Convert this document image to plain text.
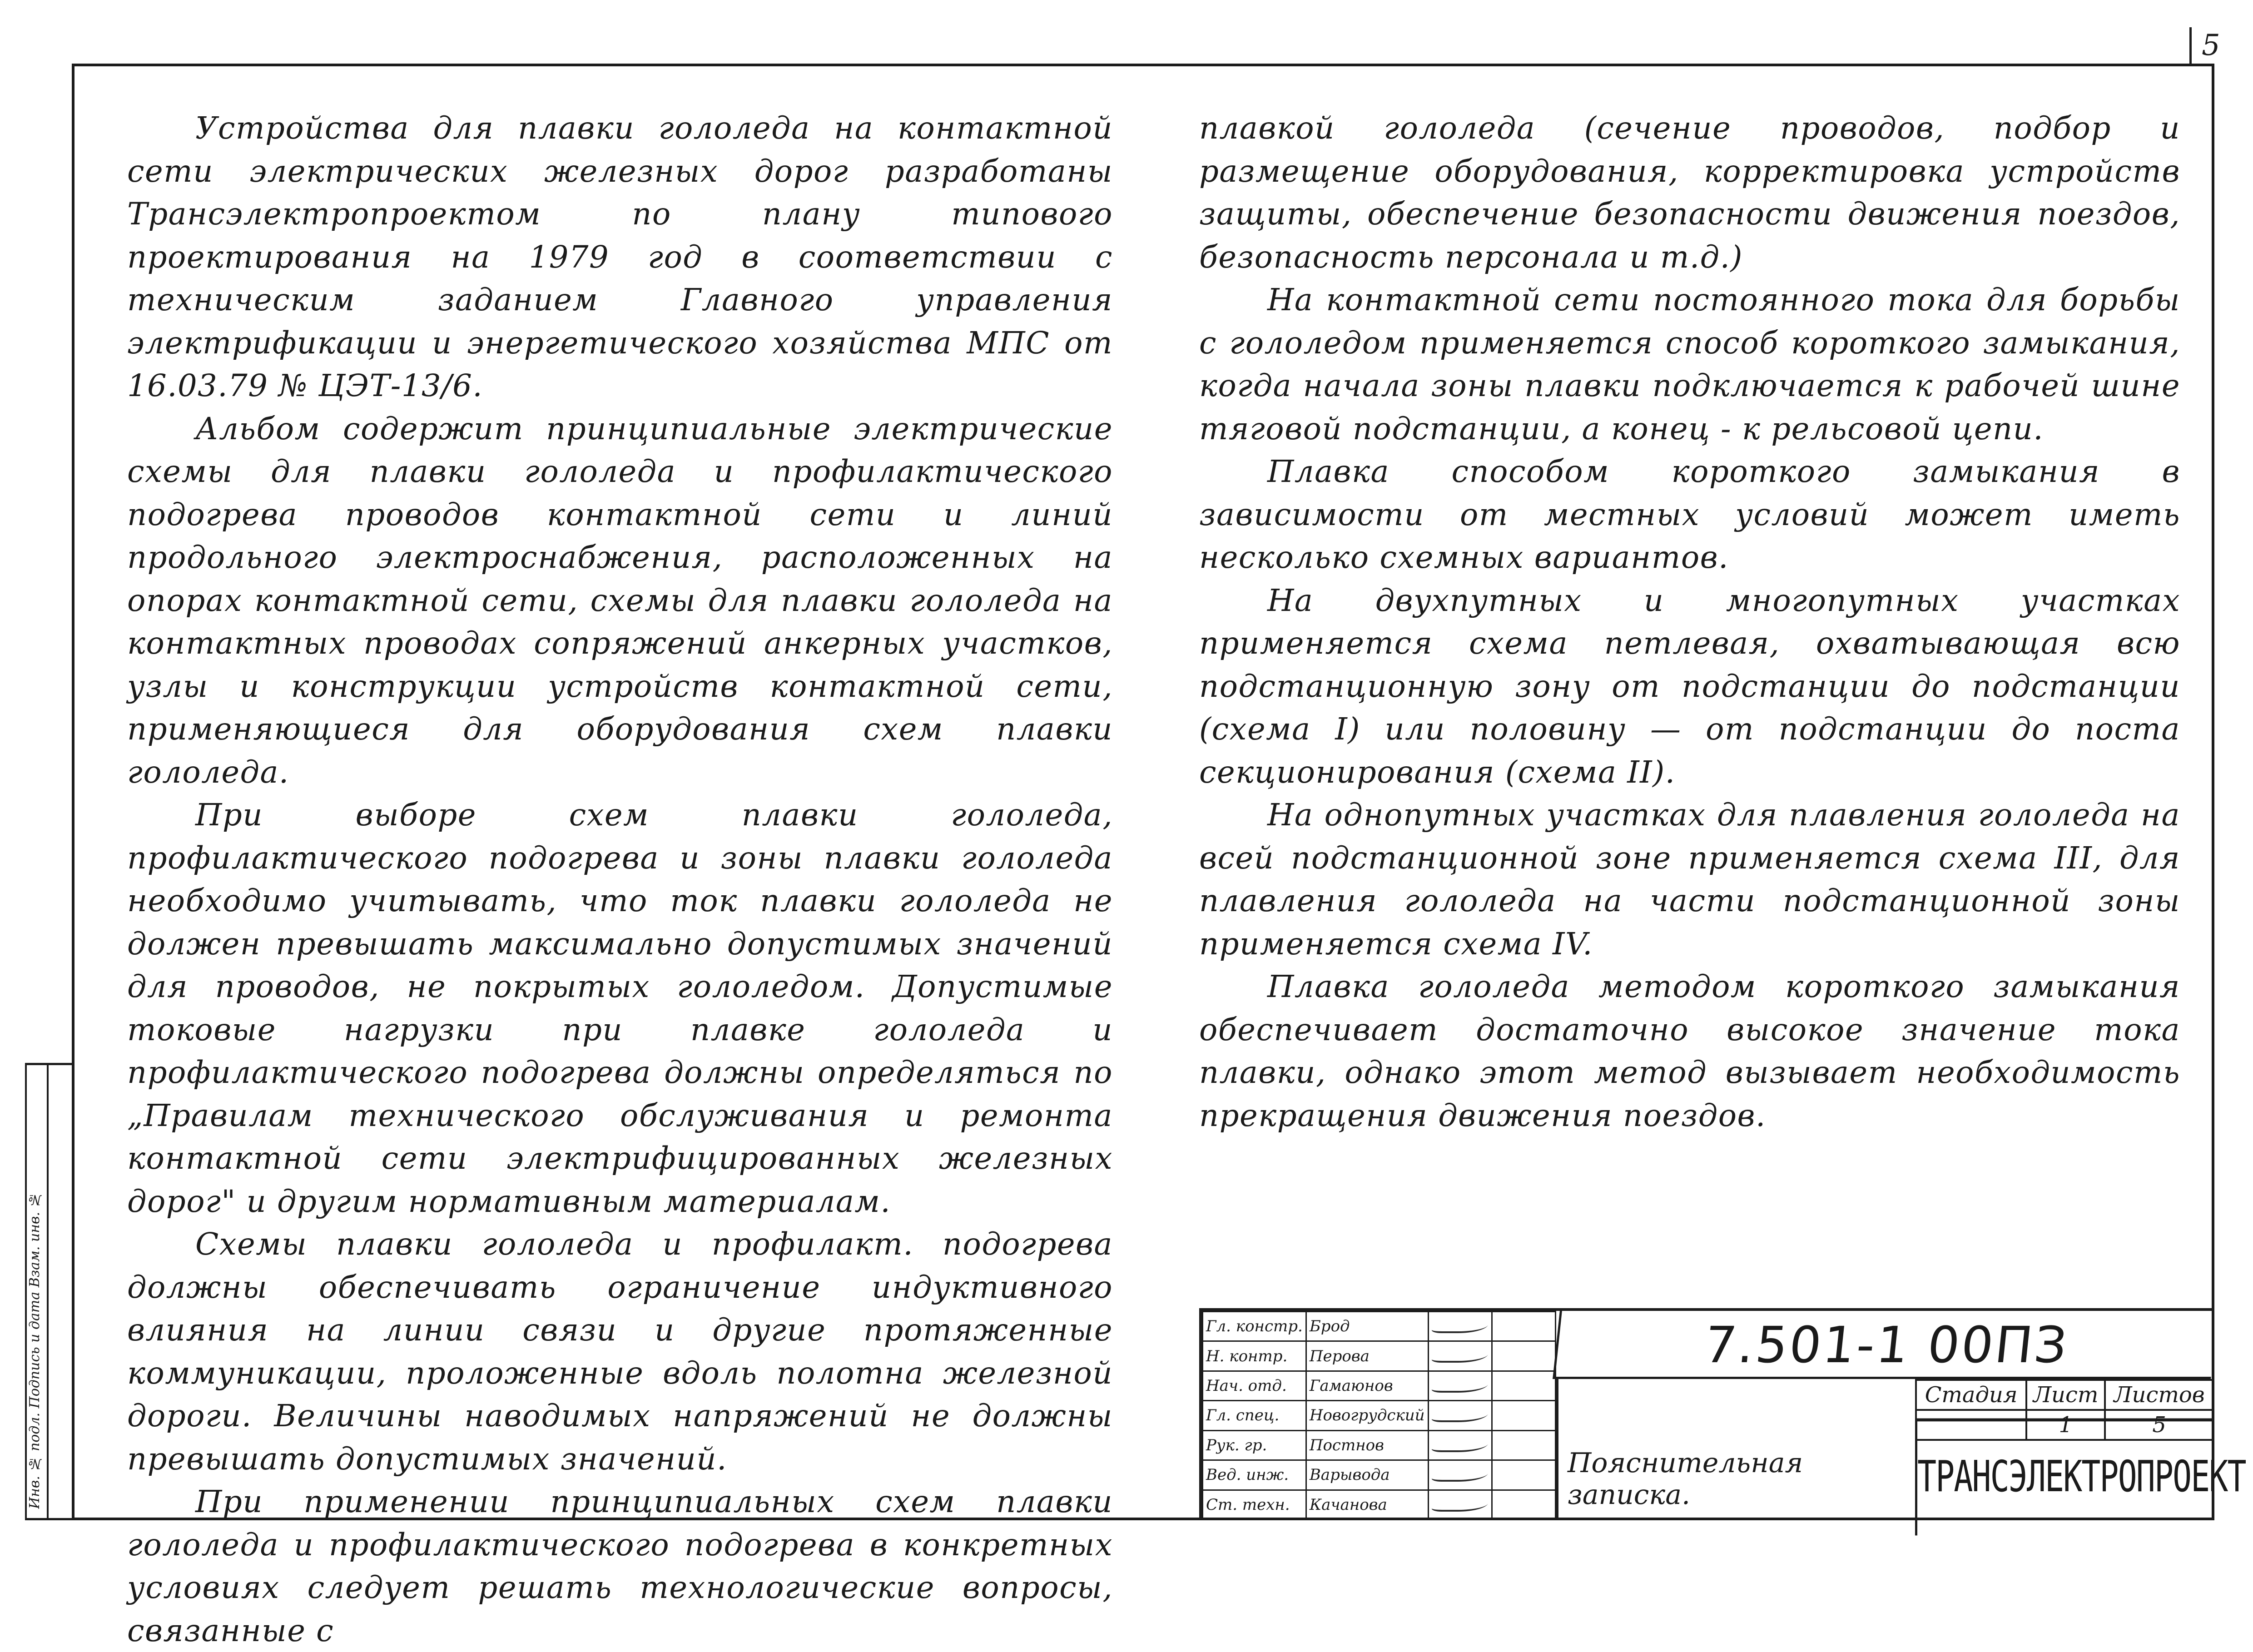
5

Устройства для плавки гололеда на контактной сети электрических железных дорог разработаны Трансэлектропроектом по плану типового проектирования на 1979 год в соответствии с техническим заданием Главного управления электрификации и энергетического хозяйства МПС от 16.03.79 № ЦЭТ-13/6.

Альбом содержит принципиальные электрические схемы для плавки гололеда и профилактического подогрева проводов контактной сети и линий продольного электроснабжения, расположенных на опорах контактной сети, схемы для плавки гололеда на контактных проводах сопряжений анкерных участков, узлы и конструкции устройств контактной сети, применяющиеся для оборудования схем плавки гололеда.

При выборе схем плавки гололеда, профилактического подогрева и зоны плавки гололеда необходимо учитывать, что ток плавки гололеда не должен превышать максимально допустимых значений для проводов, не покрытых гололедом. Допустимые токовые нагрузки при плавке гололеда и профилактического подогрева должны определяться по „Правилам технического обслуживания и ремонта контактной сети электрифицированных железных дорог" и другим нормативным материалам.

Схемы плавки гололеда и профилакт. подогрева должны обеспечивать ограничение индуктивного влияния на линии связи и другие протяженные коммуникации, проложенные вдоль полотна железной дороги. Величины наводимых напряжений не должны превышать допустимых значений.

При применении принципиальных схем плавки гололеда и профилактического подогрева в конкретных условиях следует решать технологические вопросы, связанные с

плавкой гололеда (сечение проводов, подбор и размещение оборудования, корректировка устройств защиты, обеспечение безопасности движения поездов, безопасность персонала и т.д.)

На контактной сети постоянного тока для борьбы с гололедом применяется способ короткого замыкания, когда начала зоны плавки подключается к рабочей шине тяговой подстанции, а конец - к рельсовой цепи.

Плавка способом короткого замыкания в зависимости от местных условий может иметь несколько схемных вариантов.

На двухпутных и многопутных участках применяется схема петлевая, охватывающая всю подстанционную зону от подстанции до подстанции (схема I) или половину — от подстанции до поста секционирования (схема II).

На однопутных участках для плавления гололеда на всей подстанционной зоне применяется схема III, для плавления гололеда на части подстанционной зоны применяется схема IV.

Плавка гололеда методом короткого замыкания обеспечивает достаточно высокое значение тока плавки, однако этот метод вызывает необходимость прекращения движения поездов.

Инв. № подл. Подпись и дата Взам. инв. №	Гл. констр.	Брод	

Н. контр.	Перова	

Нач. отд.	Гамаюнов	

Гл. спец.	Новогрудский	

Рук. гр.	Постнов	

Вед. инж.	Варывода	

Ст. техн.	Качанова	

7.501-1 00ПЗ
Пояснительная записка.
Стадия	Лист	Листов
	1	5
ТРАНСЭЛЕКТРОПРОЕКТ
